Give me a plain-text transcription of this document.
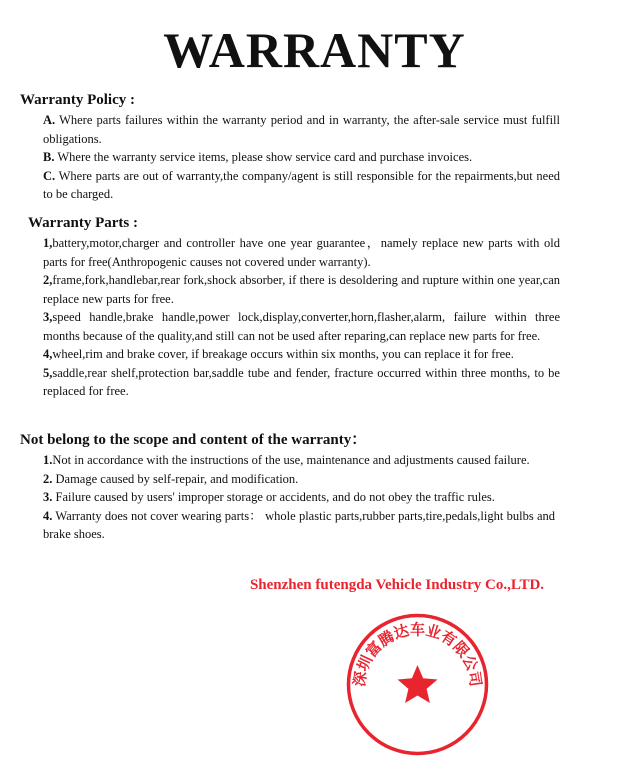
WARRANTY
Warranty Policy :

A. Where parts failures within the warranty period and in warranty, the after-sale service must fulfill obligations.

B. Where the warranty service items, please show service card and purchase invoices.

C. Where parts are out of warranty,the company/agent is still responsible for the repairments,but need to be charged.

Warranty Parts :

1,battery,motor,charger and controller have one year guarantee，namely replace new parts with old parts for free(Anthropogenic causes not covered under warranty).

2,frame,fork,handlebar,rear fork,shock absorber, if there is desoldering and rupture within one year,can replace new parts for free.

3,speed handle,brake handle,power lock,display,converter,horn,flasher,alarm, failure within three months because of the quality,and still can not be used after reparing,can replace new parts for free.

4,wheel,rim and brake cover, if breakage occurs within six months, you can replace it for free.

5,saddle,rear shelf,protection bar,saddle tube and fender, fracture occurred within three months, to be replaced for free.

Not belong to the scope and content of the warranty：

1.Not in accordance with the instructions of the use, maintenance and adjustments caused failure.

2. Damage caused by self-repair, and modification.

3. Failure caused by users' improper storage or accidents, and do not obey the traffic rules.

4. Warranty does not cover wearing parts： whole plastic parts,rubber parts,tire,pedals,light bulbs and brake shoes.

Shenzhen futengda Vehicle Industry Co.,LTD.
深圳富腾达车业有限公司
